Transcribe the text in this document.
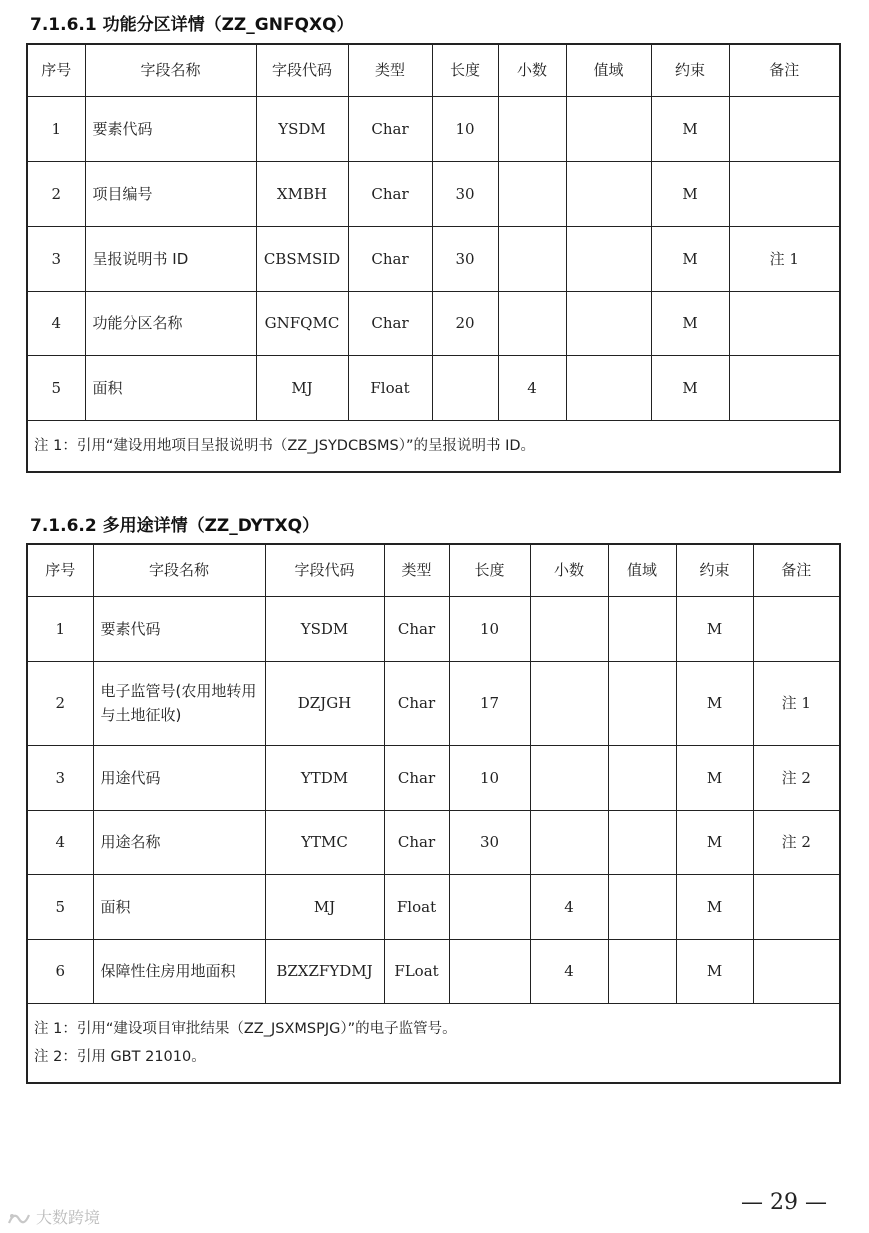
7.1.6.1 功能分区详情（ZZ_GNFQXQ）
序号	字段名称	字段代码	类型	长度	小数	值域	约束	备注
1	要素代码	YSDM	Char	10			M	
2	项目编号	XMBH	Char	30			M	
3	呈报说明书 ID	CBSMSID	Char	30			M	注 1
4	功能分区名称	GNFQMC	Char	20			M	
5	面积	MJ	Float		4		M	

注 1：引用“建设用地项目呈报说明书（ZZ_JSYDCBSMS）”的呈报说明书 ID。								
7.1.6.2 多用途详情（ZZ_DYTXQ）
序号	字段名称	字段代码	类型	长度	小数	值域	约束	备注
1	要素代码	YSDM	Char	10			M	
2	电子监管号(农用地转用与土地征收)	DZJGH	Char	17			M	注 1
3	用途代码	YTDM	Char	10			M	注 2
4	用途名称	YTMC	Char	30			M	注 2
5	面积	MJ	Float		4		M	
6	保障性住房用地面积	BZXZFYDMJ	FLoat		4		M	

注 1：引用“建设项目审批结果（ZZ_JSXMSPJG）”的电子监管号。
注 2：引用 GBT 21010。								
— 29 —
大数跨境
